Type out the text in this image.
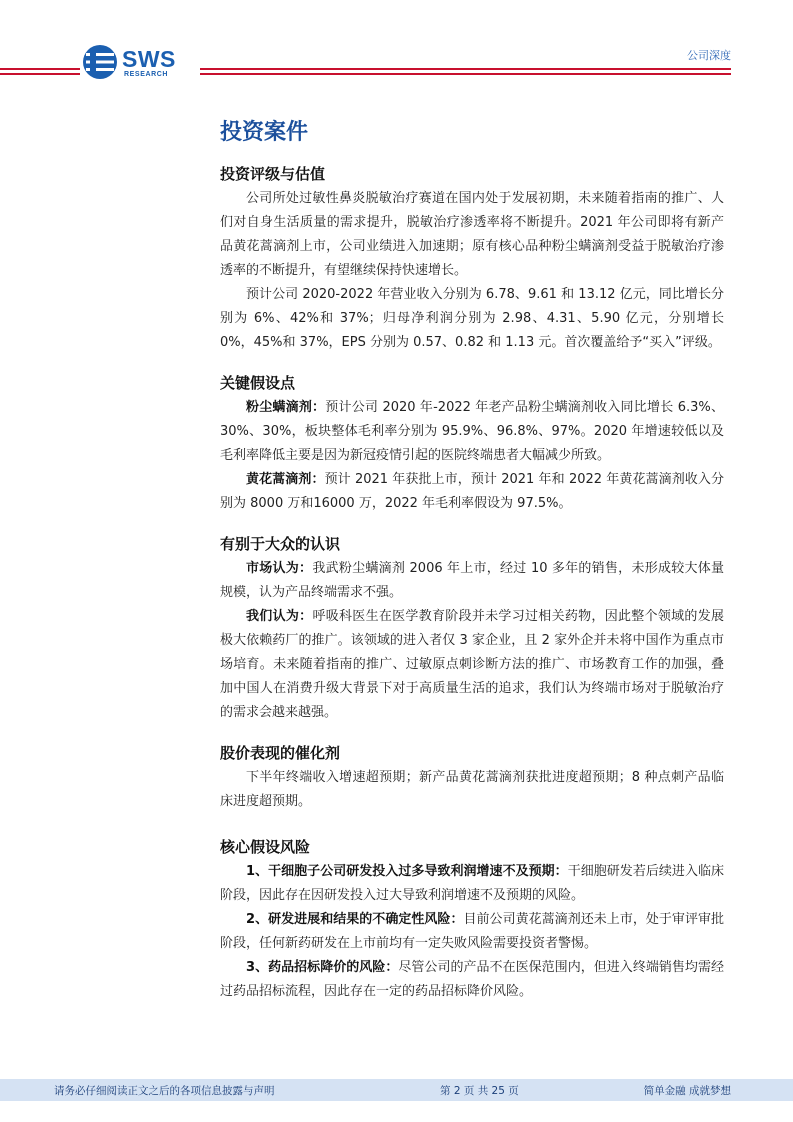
SWS
RESEARCH
公司深度
投资案件
投资评级与估值

公司所处过敏性鼻炎脱敏治疗赛道在国内处于发展初期，未来随着指南的推广、人们对自身生活质量的需求提升，脱敏治疗渗透率将不断提升。2021 年公司即将有新产品黄花蒿滴剂上市，公司业绩进入加速期；原有核心品种粉尘螨滴剂受益于脱敏治疗渗透率的不断提升，有望继续保持快速增长。

预计公司 2020-2022 年营业收入分别为 6.78、9.61 和 13.12 亿元，同比增长分别为 6%、42%和 37%；归母净利润分别为 2.98、4.31、5.90 亿元，分别增长 0%，45%和 37%，EPS 分别为 0.57、0.82 和 1.13 元。首次覆盖给予“买入”评级。

关键假设点

粉尘螨滴剂：预计公司 2020 年-2022 年老产品粉尘螨滴剂收入同比增长 6.3%、30%、30%，板块整体毛利率分别为 95.9%、96.8%、97%。2020 年增速较低以及毛利率降低主要是因为新冠疫情引起的医院终端患者大幅减少所致。

黄花蒿滴剂：预计 2021 年获批上市，预计 2021 年和 2022 年黄花蒿滴剂收入分别为 8000 万和16000 万，2022 年毛利率假设为 97.5%。

有别于大众的认识

市场认为：我武粉尘螨滴剂 2006 年上市，经过 10 多年的销售，未形成较大体量规模，认为产品终端需求不强。

我们认为：呼吸科医生在医学教育阶段并未学习过相关药物，因此整个领域的发展极大依赖药厂的推广。该领域的进入者仅 3 家企业，且 2 家外企并未将中国作为重点市场培育。未来随着指南的推广、过敏原点刺诊断方法的推广、市场教育工作的加强，叠加中国人在消费升级大背景下对于高质量生活的追求，我们认为终端市场对于脱敏治疗的需求会越来越强。

股价表现的催化剂

下半年终端收入增速超预期；新产品黄花蒿滴剂获批进度超预期；8 种点刺产品临床进度超预期。

核心假设风险

1、干细胞子公司研发投入过多导致利润增速不及预期：干细胞研发若后续进入临床阶段，因此存在因研发投入过大导致利润增速不及预期的风险。

2、研发进展和结果的不确定性风险：目前公司黄花蒿滴剂还未上市，处于审评审批阶段，任何新药研发在上市前均有一定失败风险需要投资者警惕。

3、药品招标降价的风险：尽管公司的产品不在医保范围内，但进入终端销售均需经过药品招标流程，因此存在一定的药品招标降价风险。

请务必仔细阅读正文之后的各项信息披露与声明	第 2 页 共 25 页	简单金融 成就梦想
